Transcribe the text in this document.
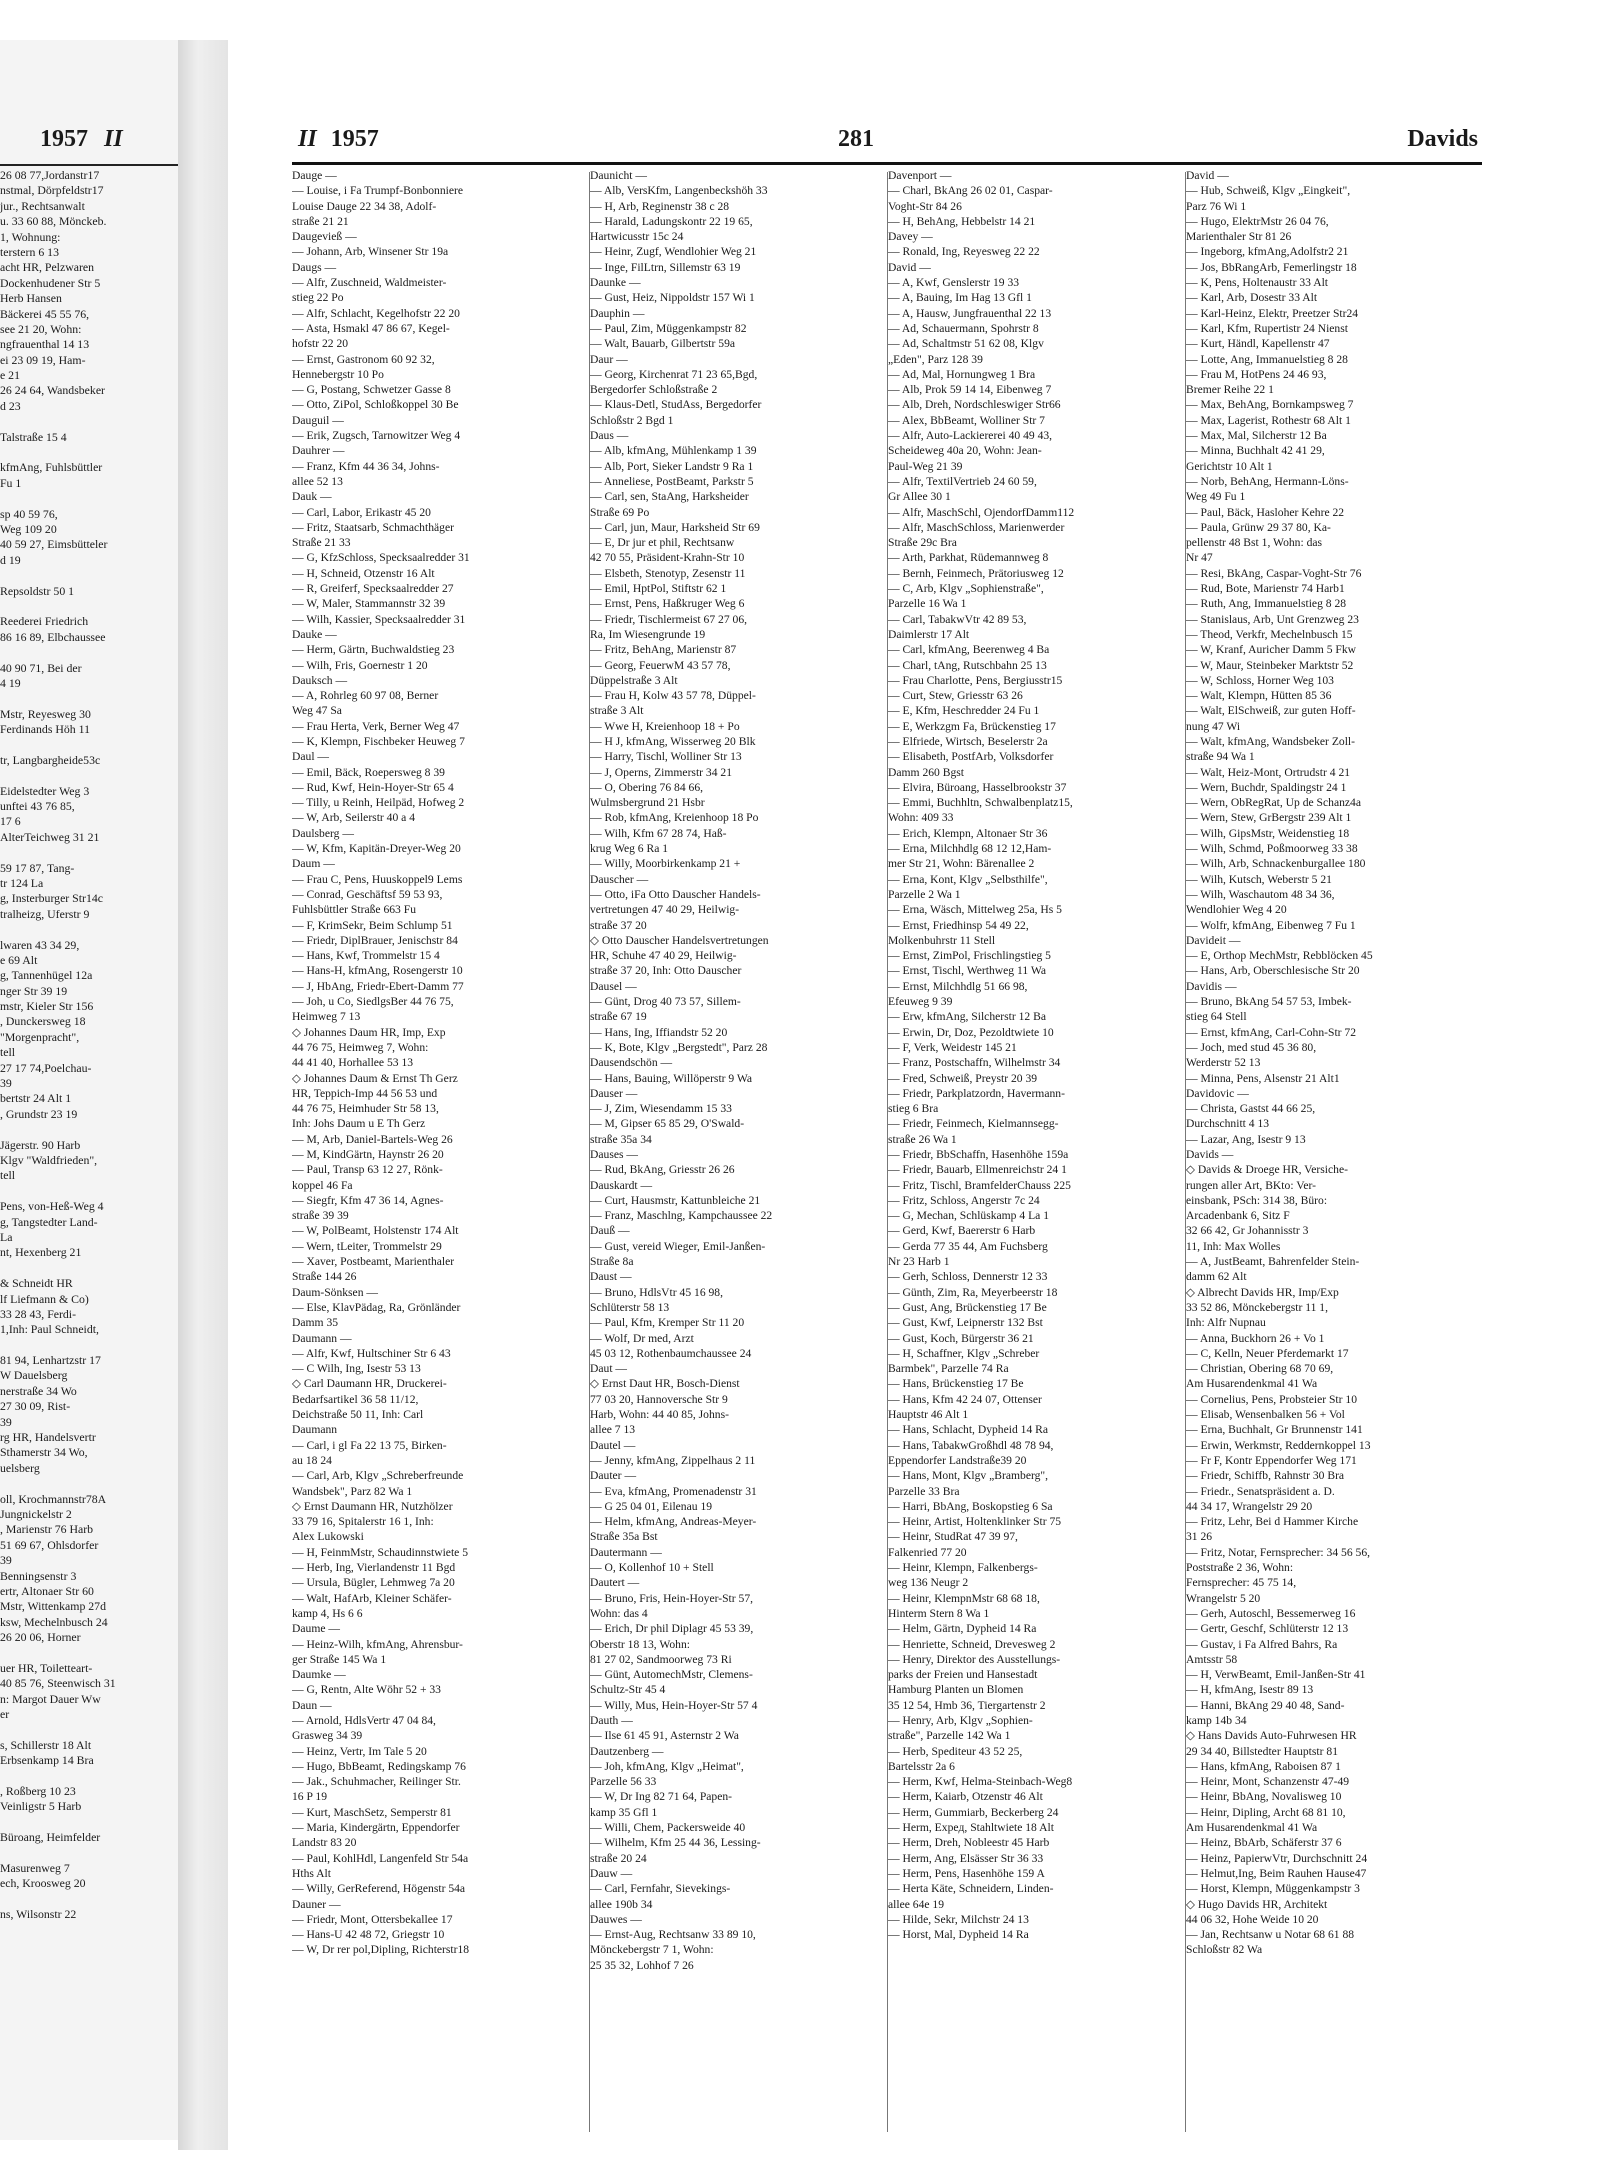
1957 II
26 08 77,Jordanstr17
nstmal, Dörpfeldstr17
jur., Rechtsanwalt
u. 33 60 88, Mönckeb.
1, Wohnung:
terstern 6 13
acht HR, Pelzwaren
Dockenhudener Str 5
Herb Hansen
Bäckerei 45 55 76,
see 21 20, Wohn:
ngfrauenthal 14 13
ei 23 09 19, Ham-
e 21
26 24 64, Wandsbeker
d 23
Talstraße 15 4
kfmAng, Fuhlsbüttler
Fu 1
sp 40 59 76,
Weg 109 20
40 59 27, Eimsbütteler
d 19
Repsoldstr 50 1
Reederei Friedrich
86 16 89, Elbchaussee
40 90 71, Bei der
4 19
Mstr, Reyesweg 30
Ferdinands Höh 11
tr, Langbargheide53c
Eidelstedter Weg 3
unftei 43 76 85,
17 6
AlterTeichweg 31 21
59 17 87, Tang-
tr 124 La
g, Insterburger Str14c
tralheizg, Uferstr 9
lwaren 43 34 29,
e 69 Alt
g, Tannenhügel 12a
nger Str 39 19
mstr, Kieler Str 156
, Dunckersweg 18
"Morgenpracht",
tell
27 17 74,Poelchau-
39
bertstr 24 Alt 1
, Grundstr 23 19
Jägerstr. 90 Harb
Klgv "Waldfrieden",
tell
Pens, von-Heß-Weg 4
g, Tangstedter Land-
La
nt, Hexenberg 21
& Schneidt HR
lf Liefmann & Co)
33 28 43, Ferdi-
1,Inh: Paul Schneidt,
81 94, Lenhartzstr 17
W Dauelsberg
nerstraße 34 Wo
27 30 09, Rist-
39
rg HR, Handelsvertr
Sthamerstr 34 Wo,
uelsberg
oll, Krochmannstr78A
Jungnickelstr 2
, Marienstr 76 Harb
51 69 67, Ohlsdorfer
39
Benningsenstr 3
ertr, Altonaer Str 60
Mstr, Wittenkamp 27d
ksw, Mechelnbusch 24
26 20 06, Horner
uer HR, Toiletteart-
40 85 76, Steenwisch 31
n: Margot Dauer Ww
er
s, Schillerstr 18 Alt
Erbsenkamp 14 Bra
, Roßberg 10 23
Veinligstr 5 Harb
Büroang, Heimfelder
Masurenweg 7
ech, Kroosweg 20
ns, Wilsonstr 22
II 1957	281	Davids
Dauge —
— Louise, i Fa Trumpf-Bonbonniere
Louise Dauge 22 34 38, Adolf-
straße 21 21
Daugevieß —
— Johann, Arb, Winsener Str 19a
Daugs —
— Alfr, Zuschneid, Waldmeister-
stieg 22 Po
— Alfr, Schlacht, Kegelhofstr 22 20
— Asta, Hsmakl 47 86 67, Kegel-
hofstr 22 20
— Ernst, Gastronom 60 92 32,
Hennebergstr 10 Po
— G, Postang, Schwetzer Gasse 8
— Otto, ZiPol, Schloßkoppel 30 Be
Dauguil —
— Erik, Zugsch, Tarnowitzer Weg 4
Dauhrer —
— Franz, Kfm 44 36 34, Johns-
allee 52 13
Dauk —
— Carl, Labor, Erikastr 45 20
— Fritz, Staatsarb, Schmachthäger
Straße 21 33
— G, KfzSchloss, Specksaalredder 31
— H, Schneid, Otzenstr 16 Alt
— R, Greiferf, Specksaalredder 27
— W, Maler, Stammannstr 32 39
— Wilh, Kassier, Specksaalredder 31
Dauke —
— Herm, Gärtn, Buchwaldstieg 23
— Wilh, Fris, Goernestr 1 20
Dauksch —
— A, Rohrleg 60 97 08, Berner
Weg 47 Sa
— Frau Herta, Verk, Berner Weg 47
— K, Klempn, Fischbeker Heuweg 7
Daul —
— Emil, Bäck, Roepersweg 8 39
— Rud, Kwf, Hein-Hoyer-Str 65 4
— Tilly, u Reinh, Heilpäd, Hofweg 2
— W, Arb, Seilerstr 40 a 4
Daulsberg —
— W, Kfm, Kapitän-Dreyer-Weg 20
Daum —
— Frau C, Pens, Huuskoppel9 Lems
— Conrad, Geschäftsf 59 53 93,
Fuhlsbüttler Straße 663 Fu
— F, KrimSekr, Beim Schlump 51
— Friedr, DiplBrauer, Jenischstr 84
— Hans, Kwf, Trommelstr 15 4
— Hans-H, kfmAng, Rosengerstr 10
— J, HbAng, Friedr-Ebert-Damm 77
— Joh, u Co, SiedlgsBer 44 76 75,
Heimweg 7 13
◇ Johannes Daum HR, Imp, Exp
44 76 75, Heimweg 7, Wohn:
44 41 40, Horhallee 53 13
◇ Johannes Daum & Ernst Th Gerz
HR, Teppich-Imp 44 56 53 und
44 76 75, Heimhuder Str 58 13,
Inh: Johs Daum u E Th Gerz
— M, Arb, Daniel-Bartels-Weg 26
— M, KindGärtn, Haynstr 26 20
— Paul, Transp 63 12 27, Rönk-
koppel 46 Fa
— Siegfr, Kfm 47 36 14, Agnes-
straße 39 39
— W, PolBeamt, Holstenstr 174 Alt
— Wern, tLeiter, Trommelstr 29
— Xaver, Postbeamt, Marienthaler
Straße 144 26
Daum-Sönksen —
— Else, KlavPädag, Ra, Grönländer
Damm 35
Daumann —
— Alfr, Kwf, Hultschiner Str 6 43
— C Wilh, Ing, Isestr 53 13
◇ Carl Daumann HR, Druckerei-
Bedarfsartikel 36 58 11/12,
Deichstraße 50 11, Inh: Carl
Daumann
— Carl, i gl Fa 22 13 75, Birken-
au 18 24
— Carl, Arb, Klgv „Schreberfreunde
Wandsbek", Parz 82 Wa 1
◇ Ernst Daumann HR, Nutzhölzer
33 79 16, Spitalerstr 16 1, Inh:
Alex Lukowski
— H, FeinmMstr, Schaudinnstwiete 5
— Herb, Ing, Vierlandenstr 11 Bgd
— Ursula, Bügler, Lehmweg 7a 20
— Walt, HafArb, Kleiner Schäfer-
kamp 4, Hs 6 6
Daume —
— Heinz-Wilh, kfmAng, Ahrensbur-
ger Straße 145 Wa 1
Daumke —
— G, Rentn, Alte Wöhr 52 + 33
Daun —
— Arnold, HdlsVertr 47 04 84,
Grasweg 34 39
— Heinz, Vertr, Im Tale 5 20
— Hugo, BbBeamt, Redingskamp 76
— Jak., Schuhmacher, Reilinger Str.
16 P 19
— Kurt, MaschSetz, Semperstr 81
— Maria, Kindergärtn, Eppendorfer
Landstr 83 20
— Paul, KohlHdl, Langenfeld Str 54a
Hths Alt
— Willy, GerReferend, Högenstr 54a
Dauner —
— Friedr, Mont, Ottersbekallee 17
— Hans-U 42 48 72, Griegstr 10
— W, Dr rer pol,Dipling, Richterstr18
Daunicht —
— Alb, VersKfm, Langenbeckshöh 33
— H, Arb, Reginenstr 38 c 28
— Harald, Ladungskontr 22 19 65,
Hartwicusstr 15c 24
— Heinr, Zugf, Wendlohier Weg 21
— Inge, FilLtrn, Sillemstr 63 19
Daunke —
— Gust, Heiz, Nippoldstr 157 Wi 1
Dauphin —
— Paul, Zim, Müggenkampstr 82
— Walt, Bauarb, Gilbertstr 59a
Daur —
— Georg, Kirchenrat 71 23 65,Bgd,
Bergedorfer Schloßstraße 2
— Klaus-Detl, StudAss, Bergedorfer
Schloßstr 2 Bgd 1
Daus —
— Alb, kfmAng, Mühlenkamp 1 39
— Alb, Port, Sieker Landstr 9 Ra 1
— Anneliese, PostBeamt, Parkstr 5
— Carl, sen, StaAng, Harksheider
Straße 69 Po
— Carl, jun, Maur, Harksheid Str 69
— E, Dr jur et phil, Rechtsanw
42 70 55, Präsident-Krahn-Str 10
— Elsbeth, Stenotyp, Zesenstr 11
— Emil, HptPol, Stiftstr 62 1
— Ernst, Pens, Haßkruger Weg 6
— Friedr, Tischlermeist 67 27 06,
Ra, Im Wiesengrunde 19
— Fritz, BehAng, Marienstr 87
— Georg, FeuerwM 43 57 78,
Düppelstraße 3 Alt
— Frau H, Kolw 43 57 78, Düppel-
straße 3 Alt
— Wwe H, Kreienhoop 18 + Po
— H J, kfmAng, Wisserweg 20 Blk
— Harry, Tischl, Wolliner Str 13
— J, Operns, Zimmerstr 34 21
— O, Obering 76 84 66,
Wulmsbergrund 21 Hsbr
— Rob, kfmAng, Kreienhoop 18 Po
— Wilh, Kfm 67 28 74, Haß-
krug Weg 6 Ra 1
— Willy, Moorbirkenkamp 21 +
Dauscher —
— Otto, iFa Otto Dauscher Handels-
vertretungen 47 40 29, Heilwig-
straße 37 20
◇ Otto Dauscher Handelsvertretungen
HR, Schuhe 47 40 29, Heilwig-
straße 37 20, Inh: Otto Dauscher
Dausel —
— Günt, Drog 40 73 57, Sillem-
straße 67 19
— Hans, Ing, Iffiandstr 52 20
— K, Bote, Klgv „Bergstedt", Parz 28
Dausendschön —
— Hans, Bauing, Willöperstr 9 Wa
Dauser —
— J, Zim, Wiesendamm 15 33
— M, Gipser 65 85 29, O'Swald-
straße 35a 34
Dauses —
— Rud, BkAng, Griesstr 26 26
Dauskardt —
— Curt, Hausmstr, Kattunbleiche 21
— Franz, Maschlng, Kampchaussee 22
Dauß —
— Gust, vereid Wieger, Emil-Janßen-
Straße 8a
Daust —
— Bruno, HdlsVtr 45 16 98,
Schlüterstr 58 13
— Paul, Kfm, Kremper Str 11 20
— Wolf, Dr med, Arzt
45 03 12, Rothenbaumchaussee 24
Daut —
◇ Ernst Daut HR, Bosch-Dienst
77 03 20, Hannoversche Str 9
Harb, Wohn: 44 40 85, Johns-
allee 7 13
Dautel —
— Jenny, kfmAng, Zippelhaus 2 11
Dauter —
— Eva, kfmAng, Promenadenstr 31
— G 25 04 01, Eilenau 19
— Helm, kfmAng, Andreas-Meyer-
Straße 35a Bst
Dautermann —
— O, Kollenhof 10 + Stell
Dautert —
— Bruno, Fris, Hein-Hoyer-Str 57,
Wohn: das 4
— Erich, Dr phil Diplagr 45 53 39,
Oberstr 18 13, Wohn:
81 27 02, Sandmoorweg 73 Ri
— Günt, AutomechMstr, Clemens-
Schultz-Str 45 4
— Willy, Mus, Hein-Hoyer-Str 57 4
Dauth —
— Ilse 61 45 91, Asternstr 2 Wa
Dautzenberg —
— Joh, kfmAng, Klgv „Heimat",
Parzelle 56 33
— W, Dr Ing 82 71 64, Papen-
kamp 35 Gfl 1
— Willi, Chem, Packersweide 40
— Wilhelm, Kfm 25 44 36, Lessing-
straße 20 24
Dauw —
— Carl, Fernfahr, Sievekings-
allee 190b 34
Dauwes —
— Ernst-Aug, Rechtsanw 33 89 10,
Mönckebergstr 7 1, Wohn:
25 35 32, Lohhof 7 26
Davenport —
— Charl, BkAng 26 02 01, Caspar-
Voght-Str 84 26
— H, BehAng, Hebbelstr 14 21
Davey —
— Ronald, Ing, Reyesweg 22 22
David —
— A, Kwf, Genslerstr 19 33
— A, Bauing, Im Hag 13 Gfl 1
— A, Hausw, Jungfrauenthal 22 13
— Ad, Schauermann, Spohrstr 8
— Ad, Schaltmstr 51 62 08, Klgv
„Eden", Parz 128 39
— Ad, Mal, Hornungweg 1 Bra
— Alb, Prok 59 14 14, Eibenweg 7
— Alb, Dreh, Nordschleswiger Str66
— Alex, BbBeamt, Wolliner Str 7
— Alfr, Auto-Lackiererei 40 49 43,
Scheideweg 40a 20, Wohn: Jean-
Paul-Weg 21 39
— Alfr, TextilVertrieb 24 60 59,
Gr Allee 30 1
— Alfr, MaschSchl, OjendorfDamm112
— Alfr, MaschSchloss, Marienwerder
Straße 29c Bra
— Arth, Parkhat, Rüdemannweg 8
— Bernh, Feinmech, Prätoriusweg 12
— C, Arb, Klgv „Sophienstraße",
Parzelle 16 Wa 1
— Carl, TabakwVtr 42 89 53,
Daimlerstr 17 Alt
— Carl, kfmAng, Beerenweg 4 Ba
— Charl, tAng, Rutschbahn 25 13
— Frau Charlotte, Pens, Bergiusstr15
— Curt, Stew, Griesstr 63 26
— E, Kfm, Heschredder 24 Fu 1
— E, Werkzgm Fa, Brückenstieg 17
— Elfriede, Wirtsch, Beselerstr 2a
— Elisabeth, PostfArb, Volksdorfer
Damm 260 Bgst
— Elvira, Büroang, Hasselbrookstr 37
— Emmi, Buchhltn, Schwalbenplatz15,
Wohn: 409 33
— Erich, Klempn, Altonaer Str 36
— Erna, Milchhdlg 68 12 12,Ham-
mer Str 21, Wohn: Bärenallee 2
— Erna, Kont, Klgv „Selbsthilfe",
Parzelle 2 Wa 1
— Erna, Wäsch, Mittelweg 25a, Hs 5
— Ernst, Friedhinsp 54 49 22,
Molkenbuhrstr 11 Stell
— Ernst, ZimPol, Frischlingstieg 5
— Ernst, Tischl, Werthweg 11 Wa
— Ernst, Milchhdlg 51 66 98,
Efeuweg 9 39
— Erw, kfmAng, Silcherstr 12 Ba
— Erwin, Dr, Doz, Pezoldtwiete 10
— F, Verk, Weidestr 145 21
— Franz, Postschaffn, Wilhelmstr 34
— Fred, Schweiß, Preystr 20 39
— Friedr, Parkplatzordn, Havermann-
stieg 6 Bra
— Friedr, Feinmech, Kielmannsegg-
straße 26 Wa 1
— Friedr, BbSchaffn, Hasenhöhe 159a
— Friedr, Bauarb, Ellmenreichstr 24 1
— Fritz, Tischl, BramfelderChauss 225
— Fritz, Schloss, Angerstr 7c 24
— G, Mechan, Schlüskamp 4 La 1
— Gerd, Kwf, Baererstr 6 Harb
— Gerda 77 35 44, Am Fuchsberg
Nr 23 Harb 1
— Gerh, Schloss, Dennerstr 12 33
— Günth, Zim, Ra, Meyerbeerstr 18
— Gust, Ang, Brückenstieg 17 Be
— Gust, Kwf, Leipnerstr 132 Bst
— Gust, Koch, Bürgerstr 36 21
— H, Schaffner, Klgv „Schreber
Barmbek", Parzelle 74 Ra
— Hans, Brückenstieg 17 Be
— Hans, Kfm 42 24 07, Ottenser
Hauptstr 46 Alt 1
— Hans, Schlacht, Dypheid 14 Ra
— Hans, TabakwGroßhdl 48 78 94,
Eppendorfer Landstraße39 20
— Hans, Mont, Klgv „Bramberg",
Parzelle 33 Bra
— Harri, BbAng, Boskopstieg 6 Sa
— Heinr, Artist, Holtenklinker Str 75
— Heinr, StudRat 47 39 97,
Falkenried 77 20
— Heinr, Klempn, Falkenbergs-
weg 136 Neugr 2
— Heinr, KlempnMstr 68 68 18,
Hinterm Stern 8 Wa 1
— Helm, Gärtn, Dypheid 14 Ra
— Henriette, Schneid, Drevesweg 2
— Henry, Direktor des Ausstellungs-
parks der Freien und Hansestadt
Hamburg Planten un Blomen
35 12 54, Hmb 36, Tiergartenstr 2
— Henry, Arb, Klgv „Sophien-
straße", Parzelle 142 Wa 1
— Herb, Spediteur 43 52 25,
Bartelsstr 2a 6
— Herm, Kwf, Helma-Steinbach-Weg8
— Herm, Kaiarb, Otzenstr 46 Alt
— Herm, Gummiarb, Beckerberg 24
— Herm, Expeд, Stahltwiete 18 Alt
— Herm, Dreh, Nobleestr 45 Harb
— Herm, Ang, Elsässer Str 36 33
— Herm, Pens, Hasenhöhe 159 A
— Herta Käte, Schneidern, Linden-
allee 64e 19
— Hilde, Sekr, Milchstr 24 13
— Horst, Mal, Dypheid 14 Ra
David —
— Hub, Schweiß, Klgv „Eingkeit",
Parz 76 Wi 1
— Hugo, ElektrMstr 26 04 76,
Marienthaler Str 81 26
— Ingeborg, kfmAng,Adolfstr2 21
— Jos, BbRangArb, Femerlingstr 18
— K, Pens, Holtenaustr 33 Alt
— Karl, Arb, Dosestr 33 Alt
— Karl-Heinz, Elektr, Preetzer Str24
— Karl, Kfm, Rupertistr 24 Nienst
— Kurt, Händl, Kapellenstr 47
— Lotte, Ang, Immanuelstieg 8 28
— Frau M, HotPens 24 46 93,
Bremer Reihe 22 1
— Max, BehAng, Bornkampsweg 7
— Max, Lagerist, Rothestr 68 Alt 1
— Max, Mal, Silcherstr 12 Ba
— Minna, Buchhalt 42 41 29,
Gerichtstr 10 Alt 1
— Norb, BehAng, Hermann-Löns-
Weg 49 Fu 1
— Paul, Bäck, Hasloher Kehre 22
— Paula, Grünw 29 37 80, Ka-
pellenstr 48 Bst 1, Wohn: das
Nr 47
— Resi, BkAng, Caspar-Voght-Str 76
— Rud, Bote, Marienstr 74 Harb1
— Ruth, Ang, Immanuelstieg 8 28
— Stanislaus, Arb, Unt Grenzweg 23
— Theod, Verkfr, Mechelnbusch 15
— W, Kranf, Auricher Damm 5 Fkw
— W, Maur, Steinbeker Marktstr 52
— W, Schloss, Horner Weg 103
— Walt, Klempn, Hütten 85 36
— Walt, ElSchweiß, zur guten Hoff-
nung 47 Wi
— Walt, kfmAng, Wandsbeker Zoll-
straße 94 Wa 1
— Walt, Heiz-Mont, Ortrudstr 4 21
— Wern, Buchdr, Spaldingstr 24 1
— Wern, ObRegRat, Up de Schanz4a
— Wern, Stew, GrBergstr 239 Alt 1
— Wilh, GipsMstr, Weidenstieg 18
— Wilh, Schmd, Poßmoorweg 33 38
— Wilh, Arb, Schnackenburgallee 180
— Wilh, Kutsch, Weberstr 5 21
— Wilh, Waschautom 48 34 36,
Wendlohier Weg 4 20
— Wolfr, kfmAng, Eibenweg 7 Fu 1
Davideit —
— E, Orthop MechMstr, Rebblöcken 45
— Hans, Arb, Oberschlesische Str 20
Davidis —
— Bruno, BkAng 54 57 53, Imbek-
stieg 64 Stell
— Ernst, kfmAng, Carl-Cohn-Str 72
— Joch, med stud 45 36 80,
Werderstr 52 13
— Minna, Pens, Alsenstr 21 Alt1
Davidovic —
— Christa, Gastst 44 66 25,
Durchschnitt 4 13
— Lazar, Ang, Isestr 9 13
Davids —
◇ Davids & Droege HR, Versiche-
rungen aller Art, BKto: Ver-
einsbank, PSch: 314 38, Büro:
Arcadenbank 6, Sitz F
32 66 42, Gr Johannisstr 3
11, Inh: Max Wolles
— A, JustBeamt, Bahrenfelder Stein-
damm 62 Alt
◇ Albrecht Davids HR, Imp/Exp
33 52 86, Mönckebergstr 11 1,
Inh: Alfr Nupnau
— Anna, Buckhorn 26 + Vo 1
— C, Kelln, Neuer Pferdemarkt 17
— Christian, Obering 68 70 69,
Am Husarendenkmal 41 Wa
— Cornelius, Pens, Probsteier Str 10
— Elisab, Wensenbalken 56 + Vol
— Erna, Buchhalt, Gr Brunnenstr 141
— Erwin, Werkmstr, Reddernkoppel 13
— Fr F, Kontr Eppendorfer Weg 171
— Friedr, Schiffb, Rahnstr 30 Bra
— Friedr., Senatspräsident a. D.
44 34 17, Wrangelstr 29 20
— Fritz, Lehr, Bei d Hammer Kirche
31 26
— Fritz, Notar, Fernsprecher: 34 56 56,
Poststraße 2 36, Wohn:
Fernsprecher: 45 75 14,
Wrangelstr 5 20
— Gerh, Autoschl, Bessemerweg 16
— Gertr, Geschf, Schlüterstr 12 13
— Gustav, i Fa Alfred Bahrs, Ra
Amtsstr 58
— H, VerwBeamt, Emil-Janßen-Str 41
— H, kfmAng, Isestr 89 13
— Hanni, BkAng 29 40 48, Sand-
kamp 14b 34
◇ Hans Davids Auto-Fuhrwesen HR
29 34 40, Billstedter Hauptstr 81
— Hans, kfmAng, Raboisen 87 1
— Heinr, Mont, Schanzenstr 47-49
— Heinr, BbAng, Novalisweg 10
— Heinr, Dipling, Archt 68 81 10,
Am Husarendenkmal 41 Wa
— Heinz, BbArb, Schäferstr 37 6
— Heinz, PapierwVtr, Durchschnitt 24
— Helmut,Ing, Beim Rauhen Hause47
— Horst, Klempn, Müggenkampstr 3
◇ Hugo Davids HR, Architekt
44 06 32, Hohe Weide 10 20
— Jan, Rechtsanw u Notar 68 61 88
Schloßstr 82 Wa
